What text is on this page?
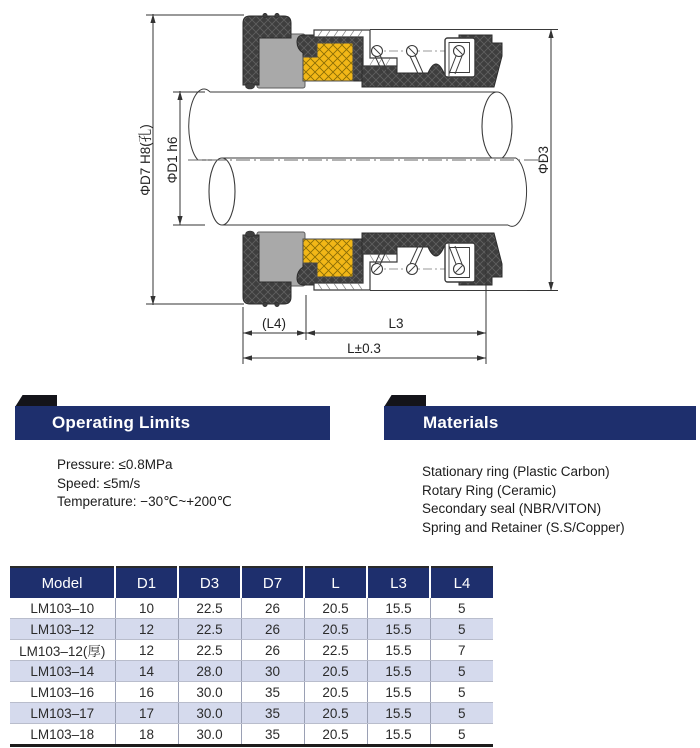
ΦD7 H8(孔) ΦD1 h6	ΦD3
(L4)	L3
L±0.3
Operating Limits
Pressure: ≤0.8MPa
Speed: ≤5m/s
Temperature: −30℃~+200℃
Materials
Stationary ring (Plastic Carbon)
Rotary Ring (Ceramic)
Secondary seal (NBR/VITON)
Spring and Retainer (S.S/Copper)
Model	D1	D3	D7	L	L3	L4
LM103–10	10	22.5	26	20.5	15.5	5
LM103–12	12	22.5	26	20.5	15.5	5
LM103–12(厚)	12	22.5	26	22.5	15.5	7
LM103–14	14	28.0	30	20.5	15.5	5
LM103–16	16	30.0	35	20.5	15.5	5
LM103–17	17	30.0	35	20.5	15.5	5
LM103–18	18	30.0	35	20.5	15.5	5
